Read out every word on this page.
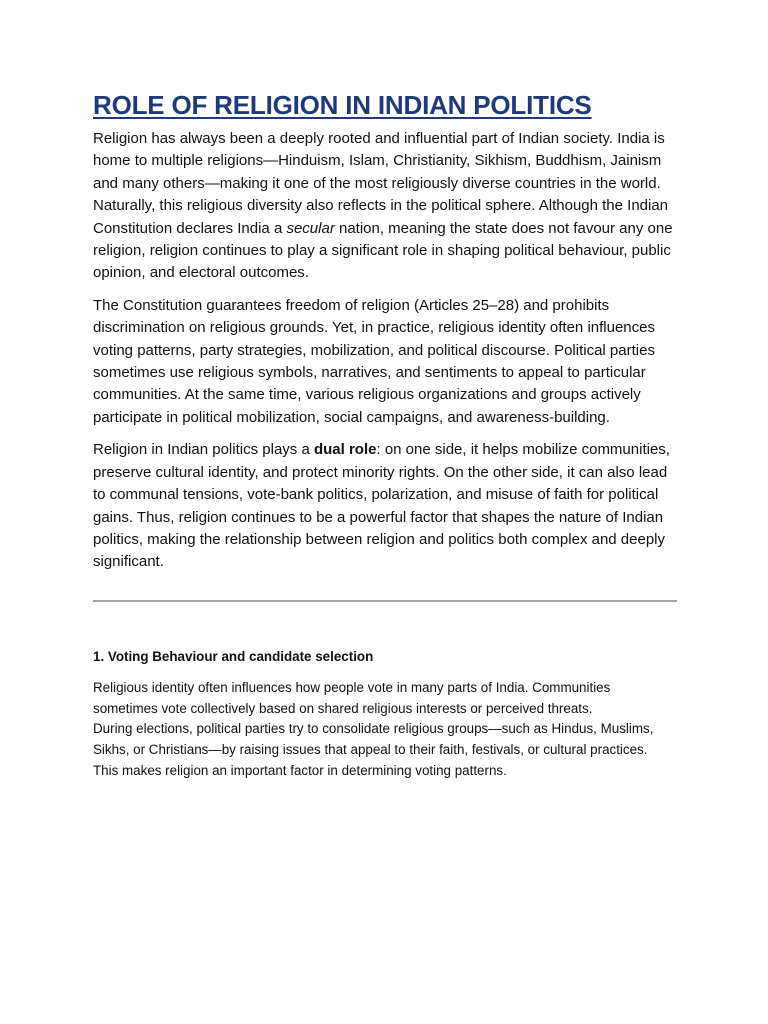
ROLE OF RELIGION IN INDIAN POLITICS

Religion has always been a deeply rooted and influential part of Indian society. India is home to multiple religions—Hinduism, Islam, Christianity, Sikhism, Buddhism, Jainism and many others—making it one of the most religiously diverse countries in the world. Naturally, this religious diversity also reflects in the political sphere. Although the Indian Constitution declares India a secular nation, meaning the state does not favour any one religion, religion continues to play a significant role in shaping political behaviour, public opinion, and electoral outcomes.

The Constitution guarantees freedom of religion (Articles 25–28) and prohibits discrimination on religious grounds. Yet, in practice, religious identity often influences voting patterns, party strategies, mobilization, and political discourse. Political parties sometimes use religious symbols, narratives, and sentiments to appeal to particular communities. At the same time, various religious organizations and groups actively participate in political mobilization, social campaigns, and awareness-building.

Religion in Indian politics plays a dual role: on one side, it helps mobilize communities, preserve cultural identity, and protect minority rights. On the other side, it can also lead to communal tensions, vote-bank politics, polarization, and misuse of faith for political gains. Thus, religion continues to be a powerful factor that shapes the nature of Indian politics, making the relationship between religion and politics both complex and deeply significant.

1. Voting Behaviour and candidate selection

Religious identity often influences how people vote in many parts of India. Communities sometimes vote collectively based on shared religious interests or perceived threats.

During elections, political parties try to consolidate religious groups—such as Hindus, Muslims, Sikhs, or Christians—by raising issues that appeal to their faith, festivals, or cultural practices.

This makes religion an important factor in determining voting patterns.
